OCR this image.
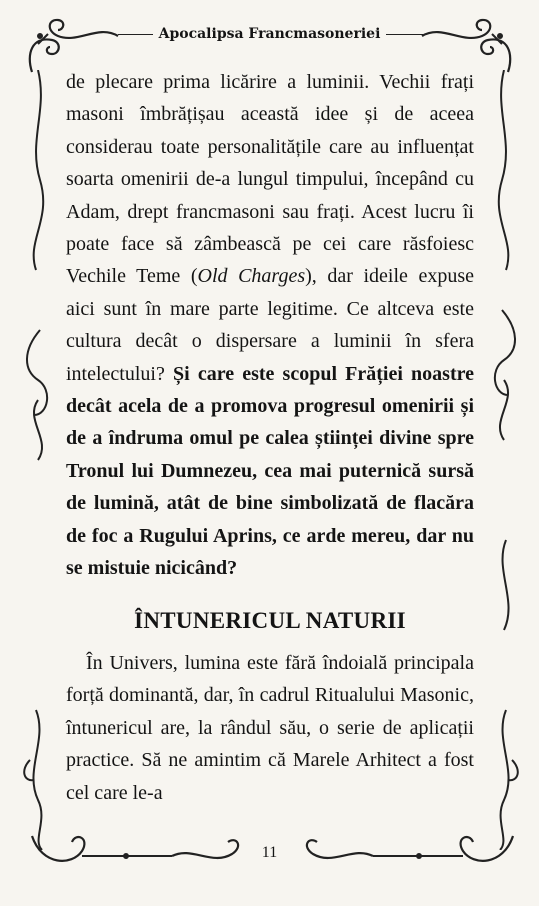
Apocalipsa Francmasoneriei

de plecare prima licărire a luminii. Vechii frați masoni îmbrățișau această idee și de aceea considerau toate personalitățile care au influențat soarta omenirii de-a lungul timpului, începând cu Adam, drept francmasoni sau frați. Acest lucru îi poate face să zâmbească pe cei care răsfoiesc Vechile Teme (Old Charges), dar ideile expuse aici sunt în mare parte legitime. Ce altceva este cultura decât o dispersare a luminii în sfera intelectului? Și care este scopul Frăției noastre decât acela de a promova progresul omenirii și de a îndruma omul pe calea științei divine spre Tronul lui Dumnezeu, cea mai puternică sursă de lumină, atât de bine simbolizată de flacăra de foc a Rugului Aprins, ce arde mereu, dar nu se mistuie nicicând?

ÎNTUNERICUL NATURII

În Univers, lumina este fără îndoială principala forță dominantă, dar, în cadrul Ritualului Masonic, întunericul are, la rândul său, o serie de aplicații practice. Să ne amintim că Marele Arhitect a fost cel care le-a

11
